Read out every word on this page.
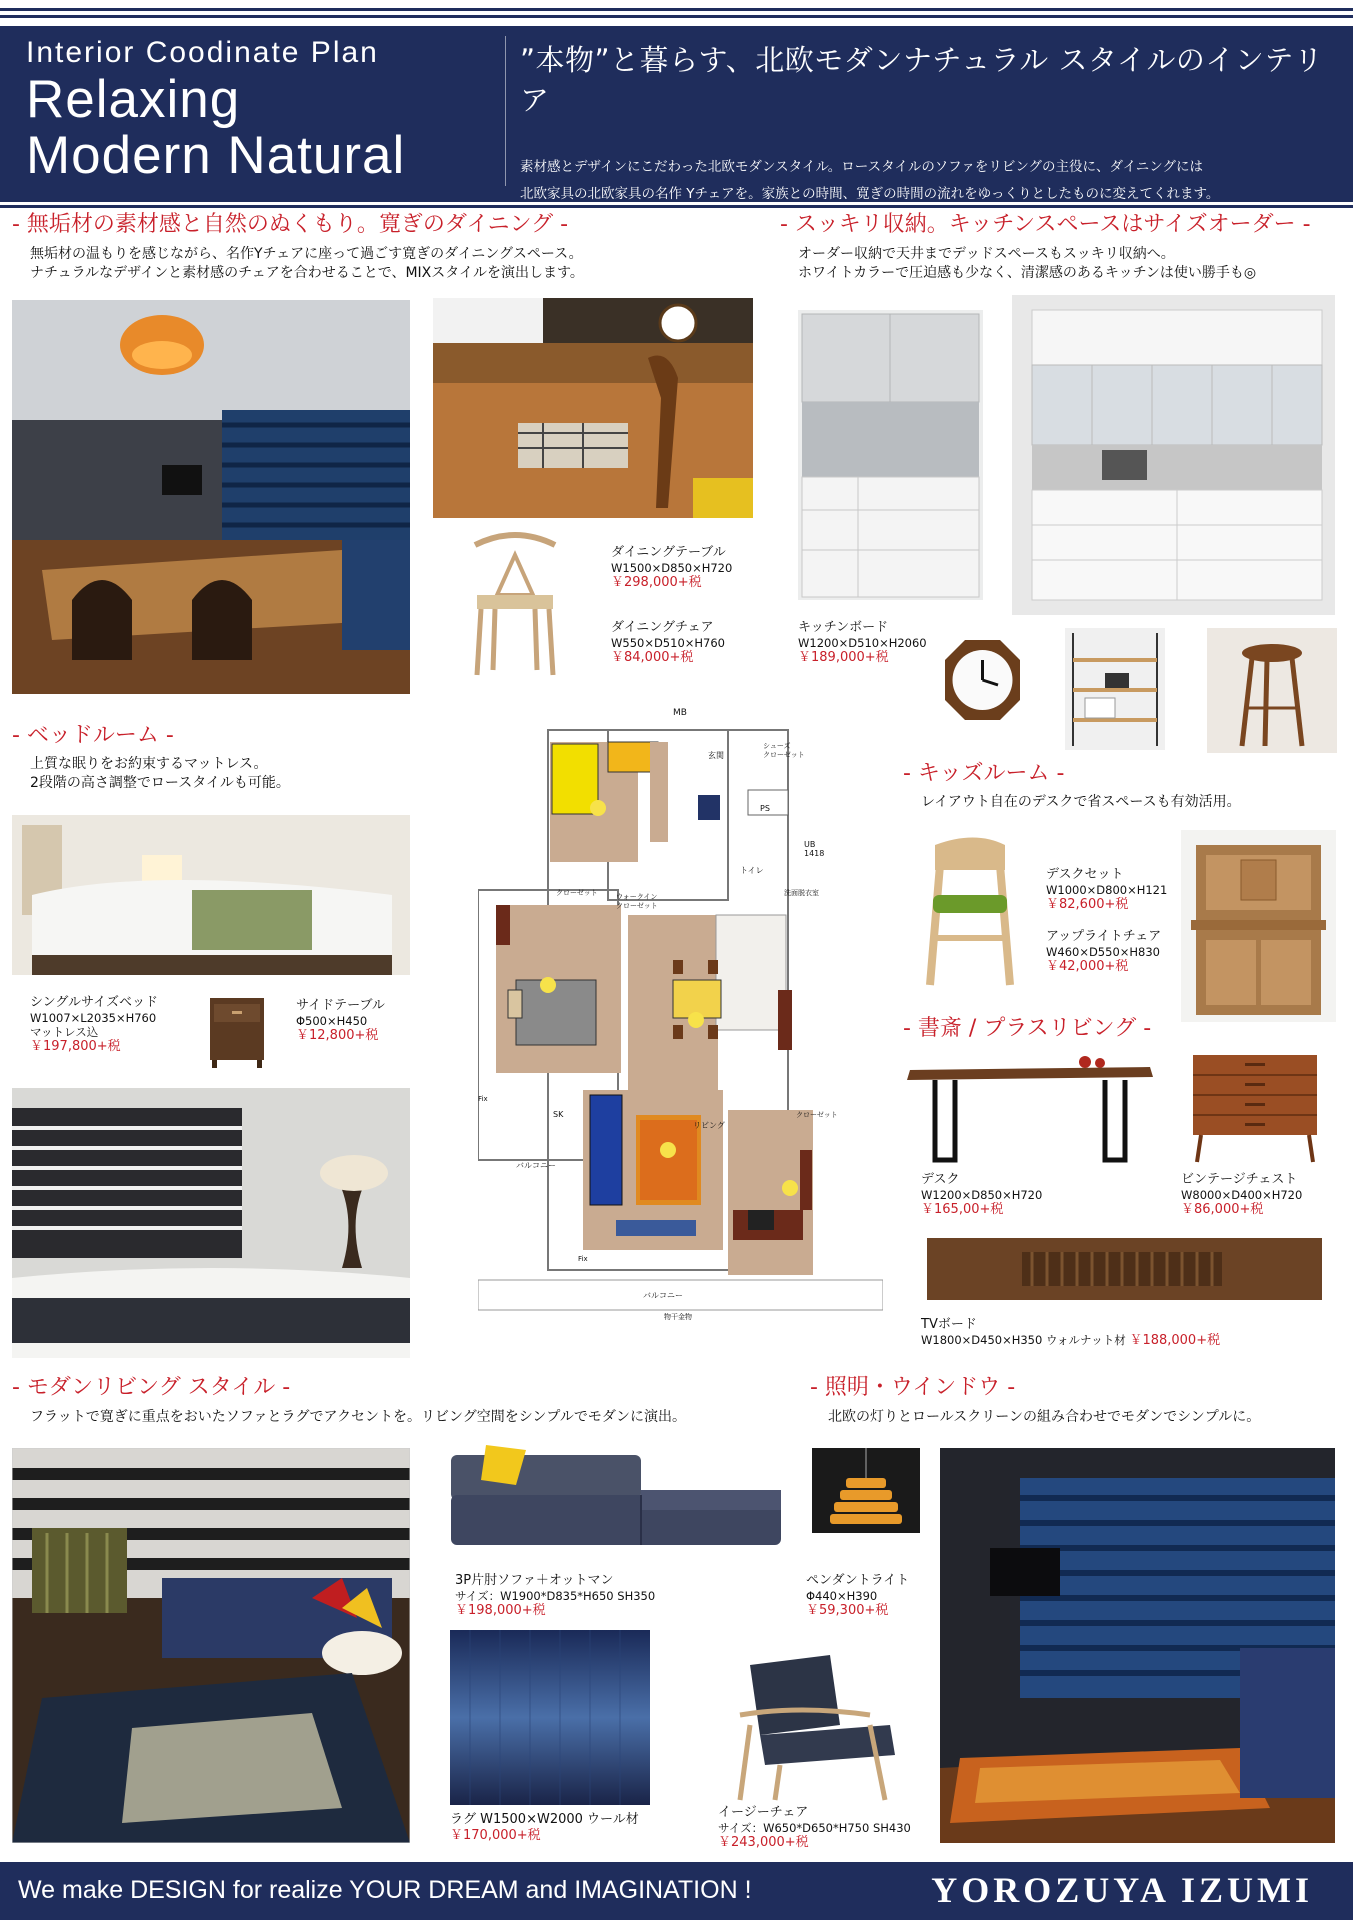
Interior Coodinate Plan
Relaxing
Modern Natural
”本物”と暮らす、北欧モダンナチュラル スタイルのインテリア
素材感とデザインにこだわった北欧モダンスタイル。ロースタイルのソファをリビングの主役に、ダイニングには
北欧家具の北欧家具の名作 Yチェアを。家族との時間、寛ぎの時間の流れをゆっくりとしたものに変えてくれます。
- 無垢材の素材感と自然のぬくもり。寛ぎのダイニング -
無垢材の温もりを感じながら、名作Yチェアに座って過ごす寛ぎのダイニングスペース。
ナチュラルなデザインと素材感のチェアを合わせることで、MIXスタイルを演出します。
ダイニングテーブル
W1500×D850×H720
￥298,000+税
ダイニングチェア
W550×D510×H760
￥84,000+税
- スッキリ収納。キッチンスペースはサイズオーダー -
オーダー収納で天井までデッドスペースもスッキリ収納へ。
ホワイトカラーで圧迫感も少なく、清潔感のあるキッチンは使い勝手も◎
キッチンボード
W1200×D510×H2060
￥189,000+税
- ベッドルーム -
上質な眠りをお約束するマットレス。
2段階の高さ調整でロースタイルも可能。
シングルサイズベッド
W1007×L2035×H760
マットレス込
￥197,800+税
サイドテーブル
Φ500×H450
￥12,800+税
MB
玄関
シューズ
クローゼット
PS
UB
1418
トイレ
洗面脱衣室
クローゼット	ウォークイン
クローゼット
クローゼット
バルコニー
SK
Fix
Fix
リビング
バルコニー
物干金物
- キッズルーム -
レイアウト自在のデスクで省スペースも有効活用。
デスクセット
W1000×D800×H121
￥82,600+税
アップライトチェア
W460×D550×H830
￥42,000+税
- 書斎 / プラスリビング -
デスク
W1200×D850×H720
￥165,00+税
ビンテージチェスト
W8000×D400×H720
￥86,000+税
TVボード
W1800×D450×H350 ウォルナット材 ￥188,000+税
- モダンリビング スタイル -
フラットで寛ぎに重点をおいたソファとラグでアクセントを。リビング空間をシンプルでモダンに演出。
3P片肘ソファ＋オットマン
サイズ：W1900*D835*H650 SH350
￥198,000+税
ラグ W1500×W2000 ウール材
￥170,000+税
ペンダントライト
Φ440×H390
￥59,300+税
イージーチェア
サイズ：W650*D650*H750 SH430
￥243,000+税
- 照明・ウインドウ -
北欧の灯りとロールスクリーンの組み合わせでモダンでシンプルに。
We make DESIGN for realize YOUR DREAM and IMAGINATION !	YOROZUYA IZUMI
